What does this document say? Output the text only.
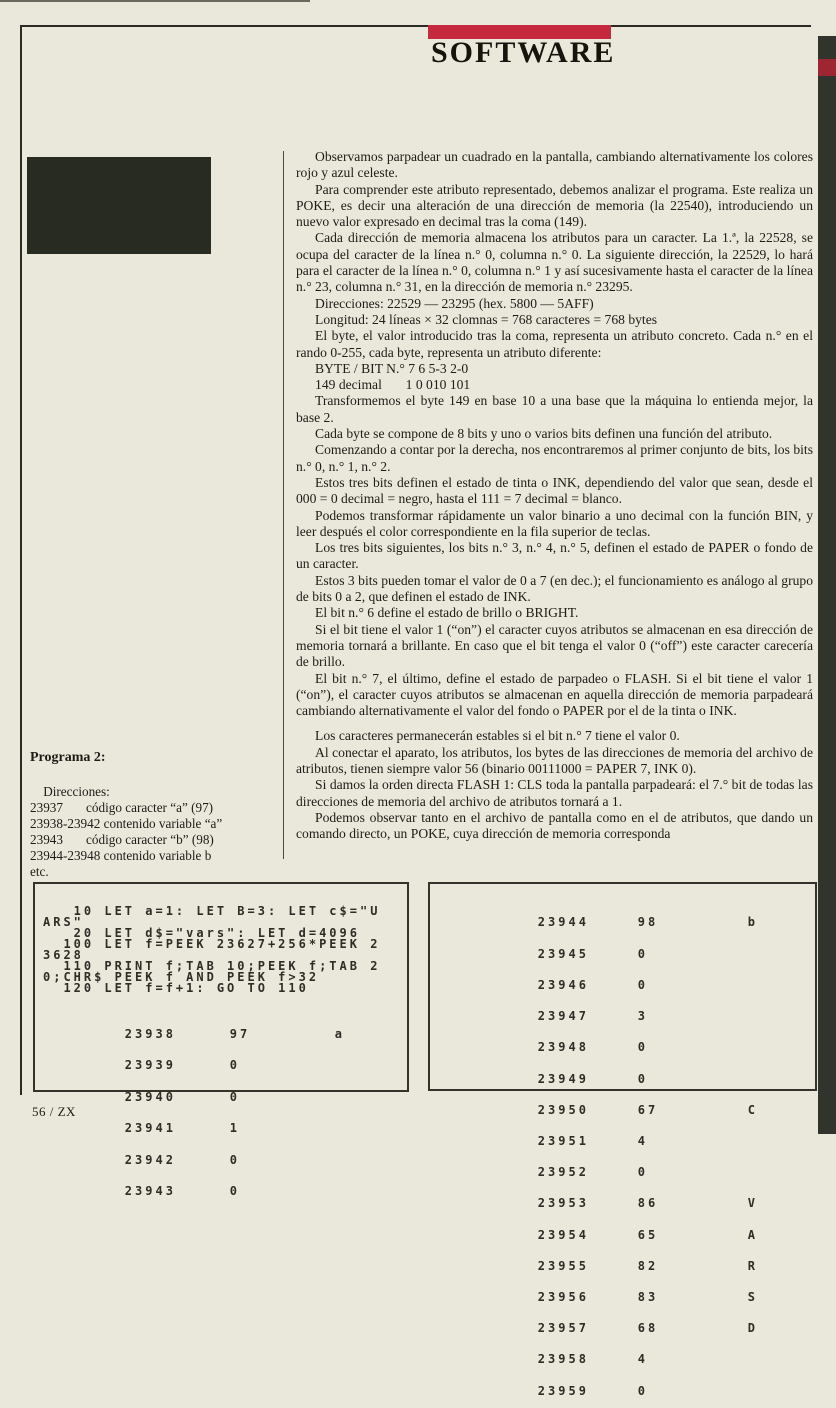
SOFTWARE

Observamos parpadear un cuadrado en la pantalla, cambiando alternativamente los colores rojo y azul celeste.

Para comprender este atributo representado, debemos analizar el programa. Este realiza un POKE, es decir una alteración de una dirección de memoria (la 22540), introduciendo un nuevo valor expresado en decimal tras la coma (149).

Cada dirección de memoria almacena los atributos para un caracter. La 1.ª, la 22528, se ocupa del caracter de la línea n.° 0, columna n.° 0. La siguiente dirección, la 22529, lo hará para el caracter de la línea n.° 0, columna n.° 1 y así sucesivamente hasta el caracter de la línea n.° 23, columna n.° 31, en la dirección de memoria n.° 23295.

Direcciones: 22529 — 23295 (hex. 5800 — 5AFF)

Longitud: 24 líneas × 32 clomnas = 768 caracteres = 768 bytes

El byte, el valor introducido tras la coma, representa un atributo concreto. Cada n.° en el rando 0-255, cada byte, representa un atributo diferente:

BYTE / BIT N.° 7 6 5-3 2-0

149 decimal       1 0 010 101

Transformemos el byte 149 en base 10 a una base que la máquina lo entienda mejor, la base 2.

Cada byte se compone de 8 bits y uno o varios bits definen una función del atributo.

Comenzando a contar por la derecha, nos encontraremos al primer conjunto de bits, los bits n.° 0, n.° 1, n.° 2.

Estos tres bits definen el estado de tinta o INK, dependiendo del valor que sean, desde el 000 = 0 decimal = negro, hasta el 111 = 7 decimal = blanco.

Podemos transformar rápidamente un valor binario a uno decimal con la función BIN, y leer después el color correspondiente en la fila superior de teclas.

Los tres bits siguientes, los bits n.° 3, n.° 4, n.° 5, definen el estado de PAPER o fondo de un caracter.

Estos 3 bits pueden tomar el valor de 0 a 7 (en dec.); el funcionamiento es análogo al grupo de bits 0 a 2, que definen el estado de INK.

El bit n.° 6 define el estado de brillo o BRIGHT.

Si el bit tiene el valor 1 (“on”) el caracter cuyos atributos se almacenan en esa dirección de memoria tornará a brillante. En caso que el bit tenga el valor 0 (“off”) este caracter carecería de brillo.

El bit n.° 7, el último, define el estado de parpadeo o FLASH. Si el bit tiene el valor 1 (“on”), el caracter cuyos atributos se almacenan en aquella dirección de memoria parpadeará cambiando alternativamente el valor del fondo o PAPER por el de la tinta o INK.

Los caracteres permanecerán estables si el bit n.° 7 tiene el valor 0.

Al conectar el aparato, los atributos, los bytes de las direcciones de memoria del archivo de atributos, tienen siempre valor 56 (binario 00111000 = PAPER 7, INK 0).

Si damos la orden directa FLASH 1: CLS toda la pantalla parpadeará: el 7.° bit de todas las direcciones de memoria del archivo de atributos tornará a 1.

Podemos observar tanto en el archivo de pantalla como en el de atributos, que dando un comando directo, un POKE, cuya dirección de memoria corresponda

Programa 2:

Direcciones:

23937       código caracter “a” (97)

23938-23942 contenido variable “a”

23943       código caracter “b” (98)

23944-23948 contenido variable b

etc.

10 LET a=1: LET B=3: LET c$="U
ARS"
20 LET d$="vars": LET d=4096
100 LET f=PEEK 23627+256*PEEK 2
3628
110 PRINT f;TAB 10;PEEK f;TAB 2
0;CHR$ PEEK f AND PEEK f>32
120 LET f=f+1: GO TO 110

23938	97	a

23939	0

23940	0

23941	1

23942	0

23943	0

23944	98	b

23945	0

23946	0

23947	3

23948	0

23949	0

23950	67	C

23951	4

23952	0

23953	86	V

23954	65	A

23955	82	R

23956	83	S

23957	68	D

23958	4

23959	0

56 / ZX
